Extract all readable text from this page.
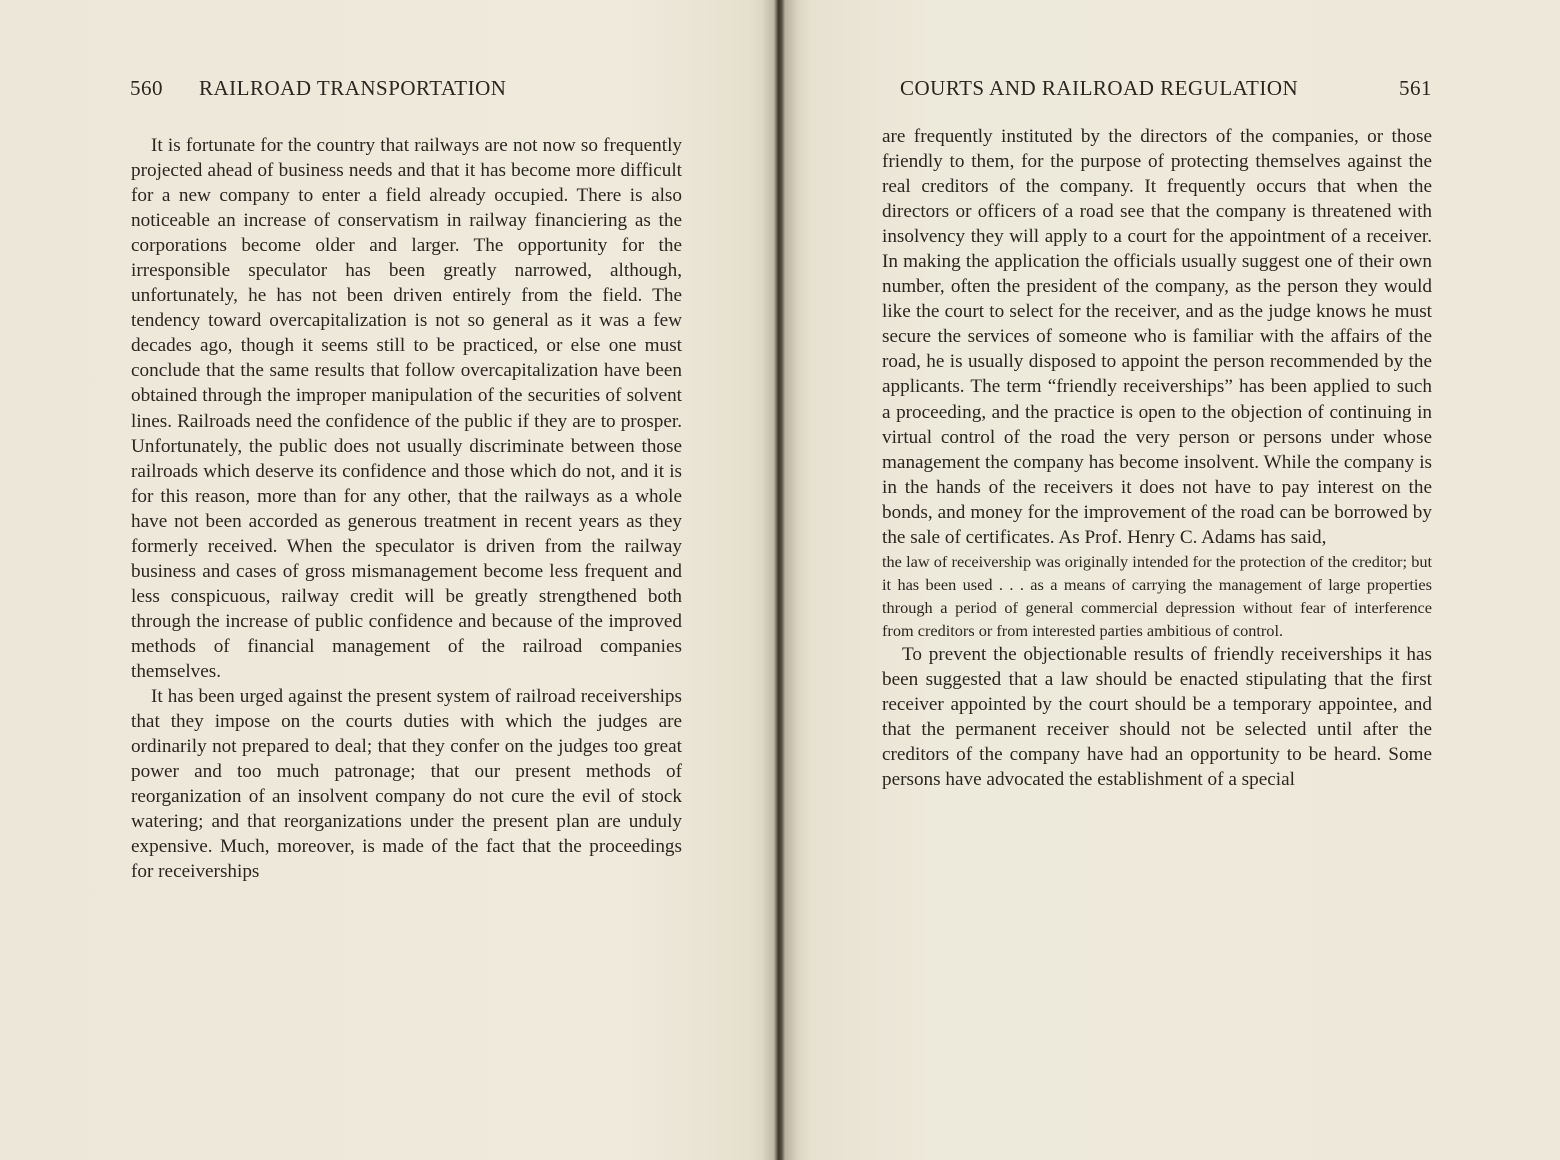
560 RAILROAD TRANSPORTATION

It is fortunate for the country that railways are not now so frequently projected ahead of business needs and that it has become more difficult for a new company to enter a field already occupied. There is also noticeable an increase of conservatism in railway financiering as the corporations become older and larger. The opportunity for the irresponsible speculator has been greatly narrowed, although, unfortunately, he has not been driven entirely from the field. The tendency toward overcapitalization is not so general as it was a few decades ago, though it seems still to be practiced, or else one must conclude that the same results that follow overcapitalization have been obtained through the improper manipulation of the securities of solvent lines. Railroads need the confidence of the public if they are to prosper. Unfortunately, the public does not usually discriminate between those railroads which deserve its confidence and those which do not, and it is for this reason, more than for any other, that the railways as a whole have not been accorded as generous treatment in recent years as they formerly received. When the speculator is driven from the railway business and cases of gross mismanagement become less frequent and less conspicuous, railway credit will be greatly strengthened both through the increase of public confidence and because of the improved methods of financial management of the railroad companies themselves.

It has been urged against the present system of railroad receiverships that they impose on the courts duties with which the judges are ordinarily not prepared to deal; that they confer on the judges too great power and too much patronage; that our present methods of reorganization of an insolvent company do not cure the evil of stock watering; and that reorganizations under the present plan are unduly expensive. Much, moreover, is made of the fact that the proceedings for receiverships

COURTS AND RAILROAD REGULATION	561

are frequently instituted by the directors of the companies, or those friendly to them, for the purpose of protecting themselves against the real creditors of the company. It frequently occurs that when the directors or officers of a road see that the company is threatened with insolvency they will apply to a court for the appointment of a receiver. In making the application the officials usually suggest one of their own number, often the president of the company, as the person they would like the court to select for the receiver, and as the judge knows he must secure the services of someone who is familiar with the affairs of the road, he is usually disposed to appoint the person recommended by the applicants. The term “friendly receiverships” has been applied to such a proceeding, and the practice is open to the objection of continuing in virtual control of the road the very person or persons under whose management the company has become insolvent. While the company is in the hands of the receivers it does not have to pay interest on the bonds, and money for the improvement of the road can be borrowed by the sale of certificates. As Prof. Henry C. Adams has said,

the law of receivership was originally intended for the protection of the creditor; but it has been used . . . as a means of carrying the management of large properties through a period of general commercial depression without fear of interference from creditors or from interested parties ambitious of control.

To prevent the objectionable results of friendly receiverships it has been suggested that a law should be enacted stipulating that the first receiver appointed by the court should be a temporary appointee, and that the permanent receiver should not be selected until after the creditors of the company have had an opportunity to be heard. Some persons have advocated the establishment of a special
